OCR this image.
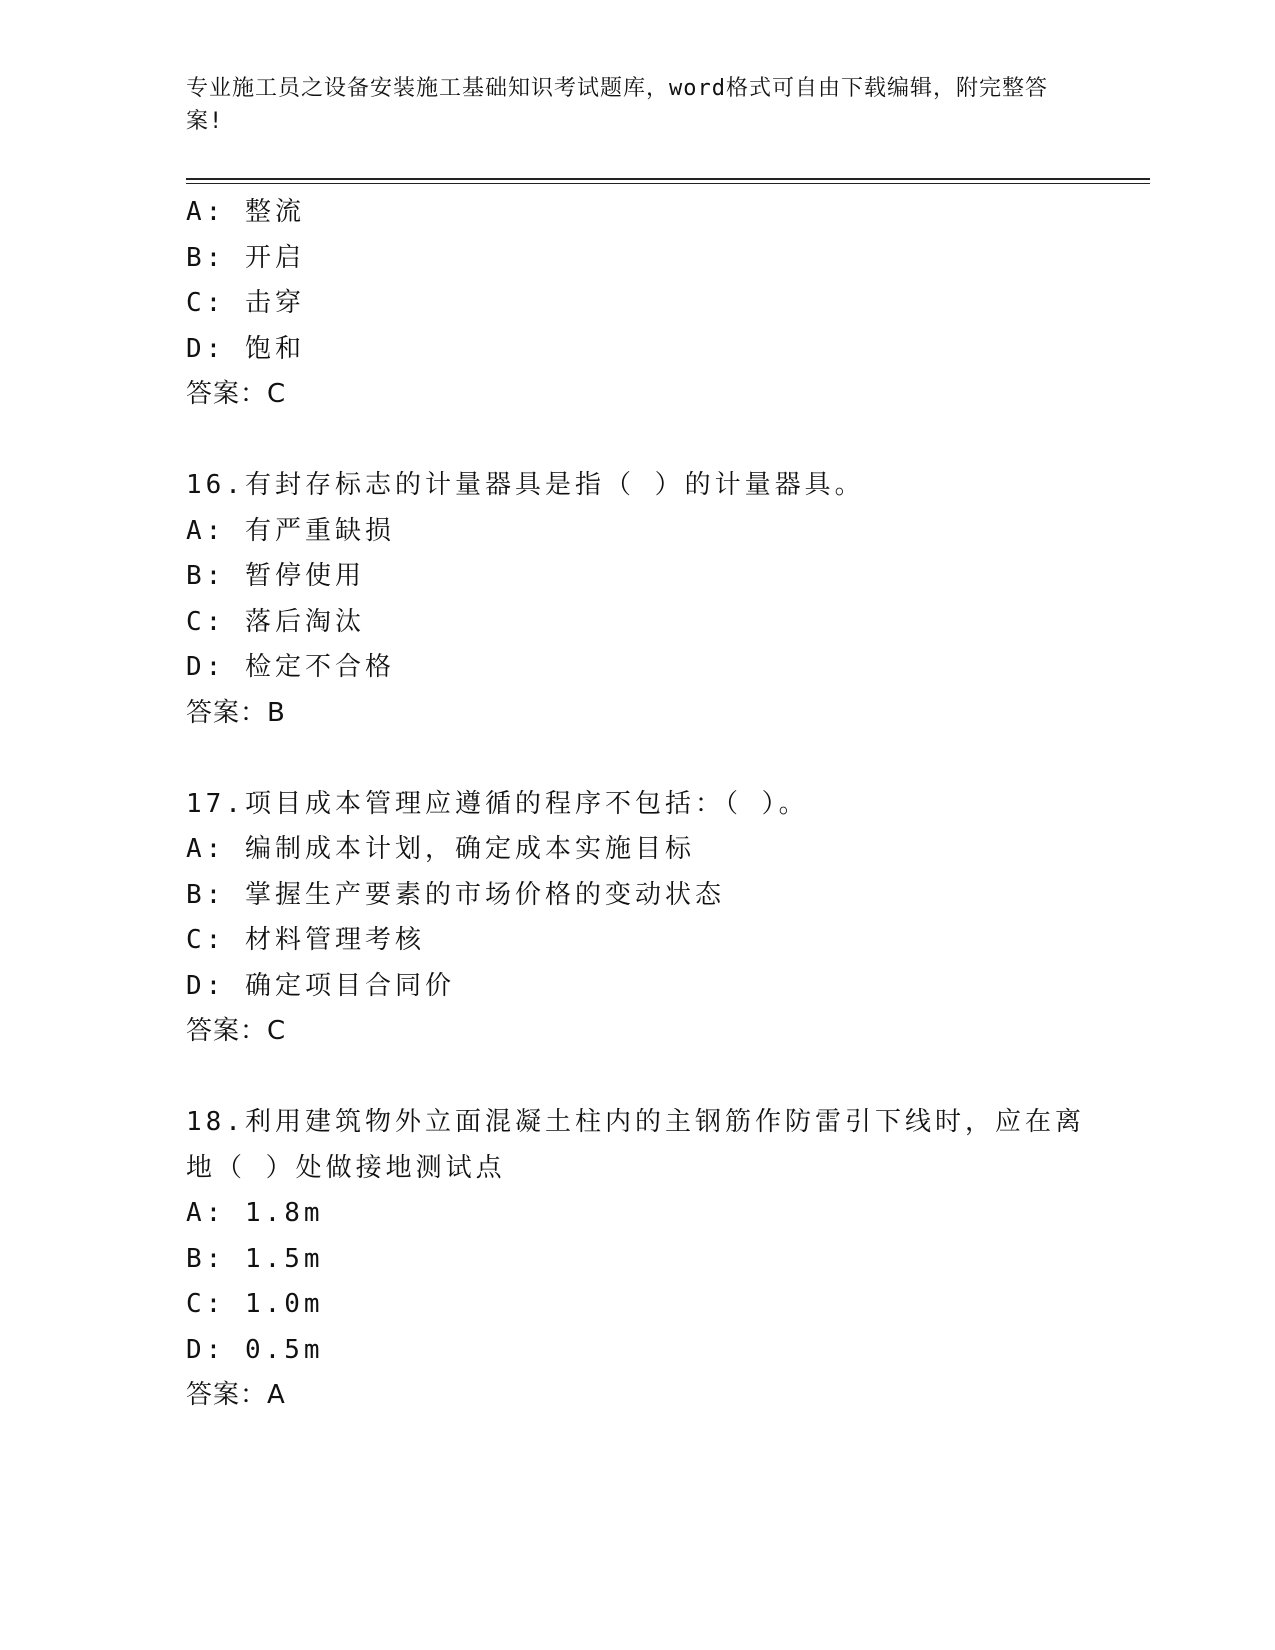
专业施工员之设备安装施工基础知识考试题库，word格式可自由下载编辑，附完整答案!
A: 整流
B: 开启
C: 击穿
D: 饱和
答案：C
16.有封存标志的计量器具是指（ ）的计量器具。
A: 有严重缺损
B: 暂停使用
C: 落后淘汰
D: 检定不合格
答案：B
17.项目成本管理应遵循的程序不包括：（ ）。
A: 编制成本计划，确定成本实施目标
B: 掌握生产要素的市场价格的变动状态
C: 材料管理考核
D: 确定项目合同价
答案：C
18.利用建筑物外立面混凝土柱内的主钢筋作防雷引下线时，应在离地（ ）处做接地测试点
A: 1.8m
B: 1.5m
C: 1.0m
D: 0.5m
答案：A
